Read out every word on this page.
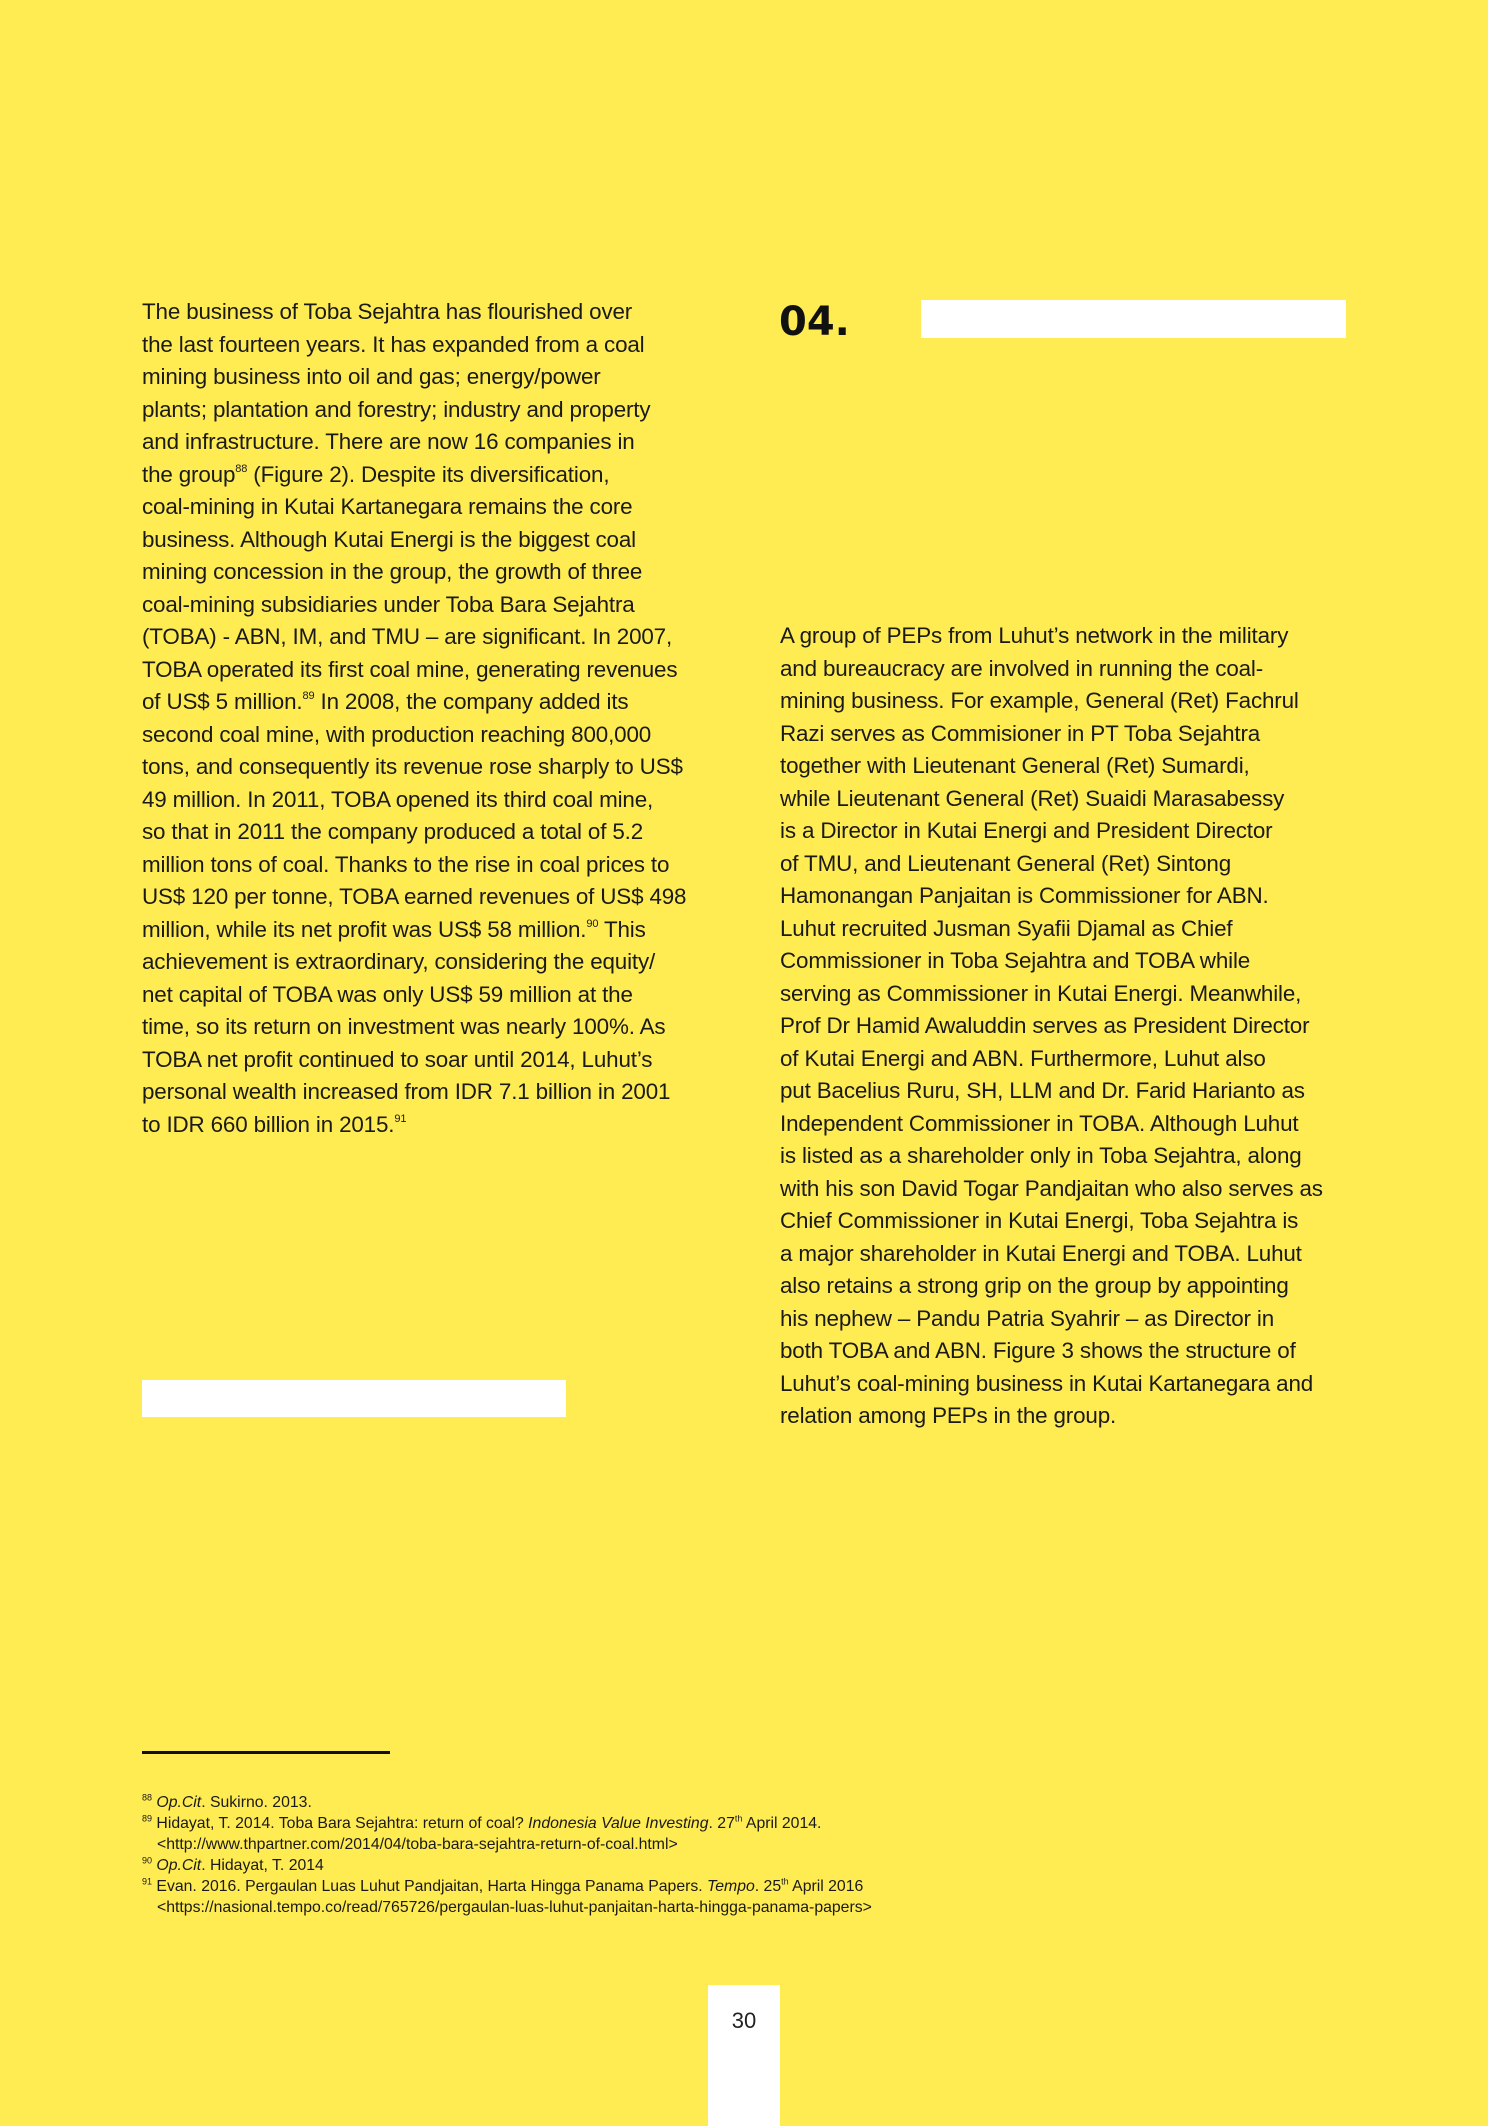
04.
The business of Toba Sejahtra has flourished over
the last fourteen years. It has expanded from a coal
mining business into oil and gas; energy/power
plants; plantation and forestry; industry and property
and infrastructure. There are now 16 companies in
the group$^{88}$ (Figure 2). Despite its diversification,
coal-mining in Kutai Kartanegara remains the core
business. Although Kutai Energi is the biggest coal
mining concession in the group, the growth of three
coal-mining subsidiaries under Toba Bara Sejahtra
(TOBA) - ABN, IM, and TMU – are significant. In 2007,
TOBA operated its first coal mine, generating revenues
of US$ 5 million.$^{89}$ In 2008, the company added its
second coal mine, with production reaching 800,000
tons, and consequently its revenue rose sharply to US$
49 million. In 2011, TOBA opened its third coal mine,
so that in 2011 the company produced a total of 5.2
million tons of coal. Thanks to the rise in coal prices to
US$ 120 per tonne, TOBA earned revenues of US$ 498
million, while its net profit was US$ 58 million.$^{90}$ This
achievement is extraordinary, considering the equity/
net capital of TOBA was only US$ 59 million at the
time, so its return on investment was nearly 100%. As
TOBA net profit continued to soar until 2014, Luhut’s
personal wealth increased from IDR 7.1 billion in 2001
to IDR 660 billion in 2015.91
A group of PEPs from Luhut’s network in the military
and bureaucracy are involved in running the coal-
mining business. For example, General (Ret) Fachrul
Razi serves as Commisioner in PT Toba Sejahtra
together with Lieutenant General (Ret) Sumardi,
while Lieutenant General (Ret) Suaidi Marasabessy
is a Director in Kutai Energi and President Director
of TMU, and Lieutenant General (Ret) Sintong
Hamonangan Panjaitan is Commissioner for ABN.
Luhut recruited Jusman Syafii Djamal as Chief
Commissioner in Toba Sejahtra and TOBA while
serving as Commissioner in Kutai Energi. Meanwhile,
Prof Dr Hamid Awaluddin serves as President Director
of Kutai Energi and ABN. Furthermore, Luhut also
put Bacelius Ruru, SH, LLM and Dr. Farid Harianto as
Independent Commissioner in TOBA. Although Luhut
is listed as a shareholder only in Toba Sejahtra, along
with his son David Togar Pandjaitan who also serves as
Chief Commissioner in Kutai Energi, Toba Sejahtra is
a major shareholder in Kutai Energi and TOBA. Luhut
also retains a strong grip on the group by appointing
his nephew – Pandu Patria Syahrir – as Director in
both TOBA and ABN. Figure 3 shows the structure of
Luhut’s coal-mining business in Kutai Kartanegara and
relation among PEPs in the group.
$^{88}$ Op.Cit. Sukirno. 2013.
$^{89}$ Hidayat, T. 2014. Toba Bara Sejahtra: return of coal? Indonesia Value Investing. 27th April 2014.
<http://www.thpartner.com/2014/04/toba-bara-sejahtra-return-of-coal.html>
$^{90}$ Op.Cit. Hidayat, T. 2014
$^{91}$ Evan. 2016. Pergaulan Luas Luhut Pandjaitan, Harta Hingga Panama Papers. Tempo. 25th April 2016
<https://nasional.tempo.co/read/765726/pergaulan-luas-luhut-panjaitan-harta-hingga-panama-papers>
30
